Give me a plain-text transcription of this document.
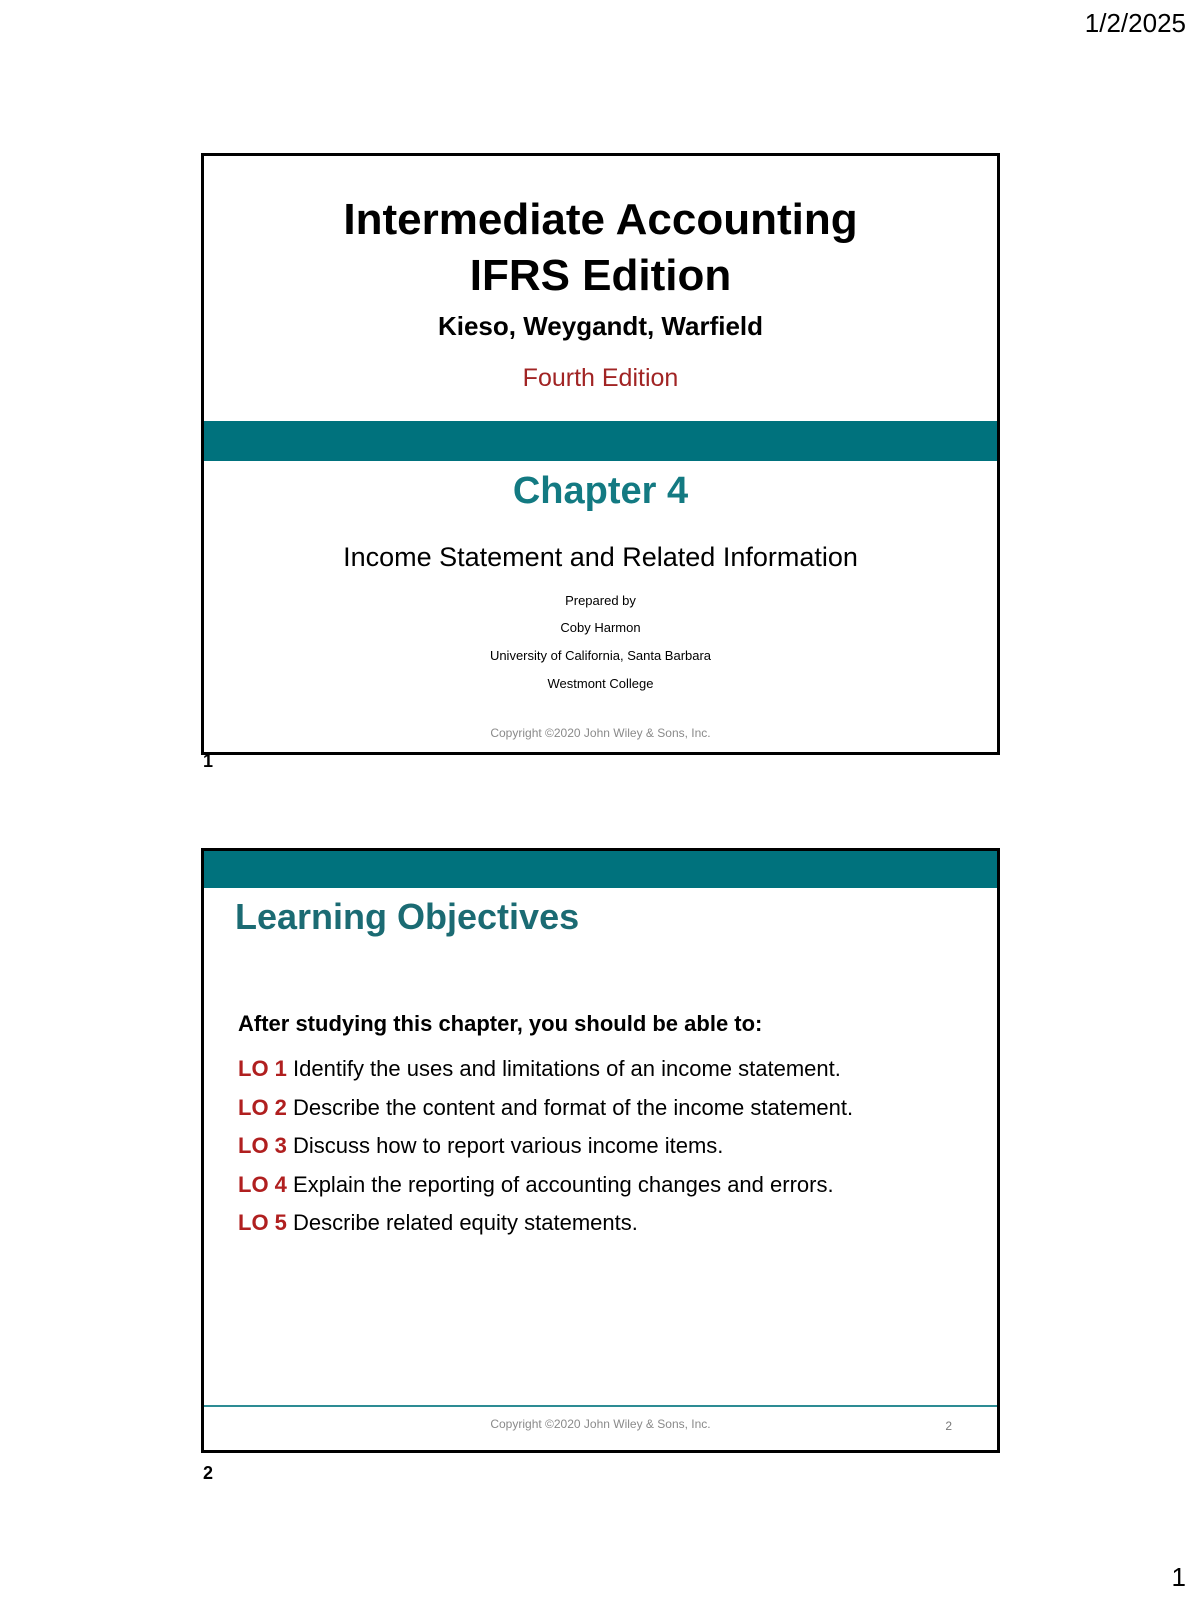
1/2/2025
Intermediate Accounting
IFRS Edition
Kieso, Weygandt, Warfield
Fourth Edition
Chapter 4
Income Statement and Related Information
Prepared by
Coby Harmon
University of California, Santa Barbara
Westmont College
Copyright ©2020 John Wiley & Sons, Inc.
1
Learning Objectives
After studying this chapter, you should be able to:
LO 1 Identify the uses and limitations of an income statement.
LO 2 Describe the content and format of the income statement.
LO 3 Discuss how to report various income items.
LO 4 Explain the reporting of accounting changes and errors.
LO 5 Describe related equity statements.
Copyright ©2020 John Wiley & Sons, Inc.	2
2
1
